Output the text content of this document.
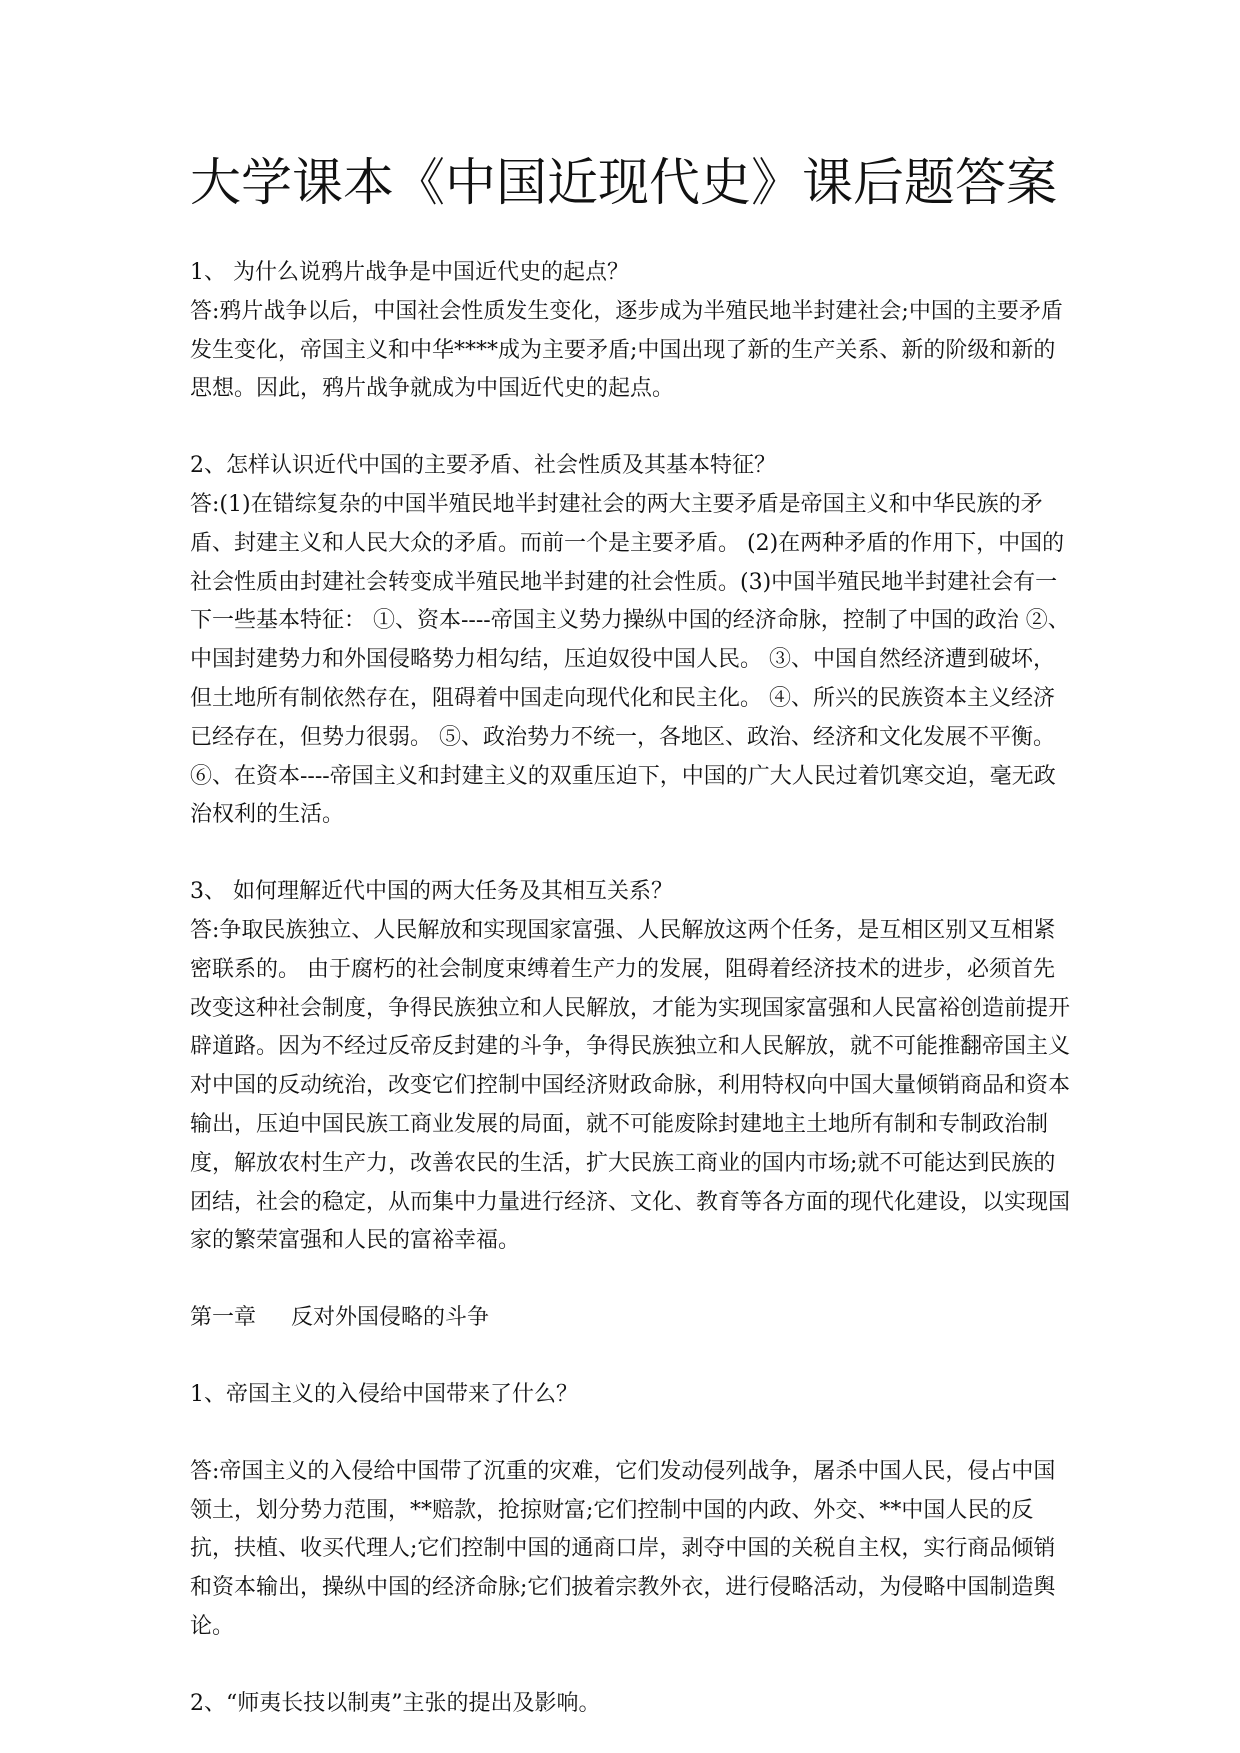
大学课本《中国近现代史》课后题答案

1、 为什么说鸦片战争是中国近代史的起点？

答:鸦片战争以后，中国社会性质发生变化，逐步成为半殖民地半封建社会;中国的主要矛盾发生变化，帝国主义和中华****成为主要矛盾;中国出现了新的生产关系、新的阶级和新的思想。因此，鸦片战争就成为中国近代史的起点。

2、怎样认识近代中国的主要矛盾、社会性质及其基本特征？

答:(1)在错综复杂的中国半殖民地半封建社会的两大主要矛盾是帝国主义和中华民族的矛盾、封建主义和人民大众的矛盾。而前一个是主要矛盾。 (2)在两种矛盾的作用下，中国的社会性质由封建社会转变成半殖民地半封建的社会性质。(3)中国半殖民地半封建社会有一下一些基本特征： ①、资本----帝国主义势力操纵中国的经济命脉，控制了中国的政治 ②、中国封建势力和外国侵略势力相勾结，压迫奴役中国人民。 ③、中国自然经济遭到破坏，但土地所有制依然存在，阻碍着中国走向现代化和民主化。 ④、所兴的民族资本主义经济已经存在，但势力很弱。 ⑤、政治势力不统一，各地区、政治、经济和文化发展不平衡。 ⑥、在资本----帝国主义和封建主义的双重压迫下，中国的广大人民过着饥寒交迫，毫无政治权利的生活。

3、 如何理解近代中国的两大任务及其相互关系？

答:争取民族独立、人民解放和实现国家富强、人民解放这两个任务，是互相区别又互相紧密联系的。 由于腐朽的社会制度束缚着生产力的发展，阻碍着经济技术的进步，必须首先改变这种社会制度，争得民族独立和人民解放，才能为实现国家富强和人民富裕创造前提开辟道路。因为不经过反帝反封建的斗争，争得民族独立和人民解放，就不可能推翻帝国主义对中国的反动统治，改变它们控制中国经济财政命脉，利用特权向中国大量倾销商品和资本输出，压迫中国民族工商业发展的局面，就不可能废除封建地主土地所有制和专制政治制度，解放农村生产力，改善农民的生活，扩大民族工商业的国内市场;就不可能达到民族的团结，社会的稳定，从而集中力量进行经济、文化、教育等各方面的现代化建设，以实现国家的繁荣富强和人民的富裕幸福。

第一章     反对外国侵略的斗争

1、帝国主义的入侵给中国带来了什么？

答:帝国主义的入侵给中国带了沉重的灾难，它们发动侵列战争，屠杀中国人民，侵占中国领土，划分势力范围，**赔款，抢掠财富;它们控制中国的内政、外交、**中国人民的反抗，扶植、收买代理人;它们控制中国的通商口岸，剥夺中国的关税自主权，实行商品倾销和资本输出，操纵中国的经济命脉;它们披着宗教外衣，进行侵略活动，为侵略中国制造舆论。

2、“师夷长技以制夷”主张的提出及影响。
